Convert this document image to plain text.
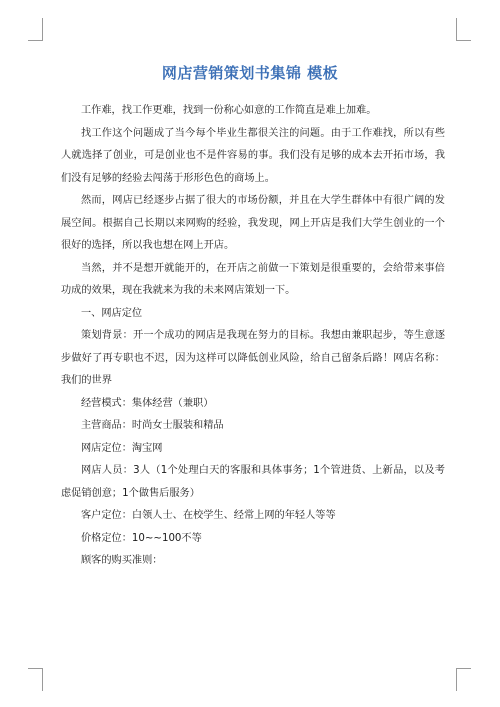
网店营销策划书集锦 模板

工作难，找工作更难，找到一份称心如意的工作简直是难上加难。

找工作这个问题成了当今每个毕业生都很关注的问题。由于工作难找，所以有些人就选择了创业，可是创业也不是件容易的事。我们没有足够的成本去开拓市场，我们没有足够的经验去闯荡于形形色色的商场上。

然而，网店已经逐步占据了很大的市场份额，并且在大学生群体中有很广阔的发展空间。根据自己长期以来网购的经验，我发现，网上开店是我们大学生创业的一个很好的选择，所以我也想在网上开店。

当然，并不是想开就能开的，在开店之前做一下策划是很重要的，会给带来事倍功成的效果，现在我就来为我的未来网店策划一下。

一、网店定位

策划背景：开一个成功的网店是我现在努力的目标。我想由兼职起步，等生意逐步做好了再专职也不迟，因为这样可以降低创业风险，给自己留条后路！网店名称：我们的世界

经营模式：集体经营（兼职）

主营商品：时尚女士服装和精品

网店定位：淘宝网

网店人员：3人（1个处理白天的客服和具体事务；1个管进货、上新品，以及考虑促销创意；1个做售后服务）

客户定位：白领人士、在校学生、经常上网的年轻人等等

价格定位：10~~100不等

顾客的购买准则：
